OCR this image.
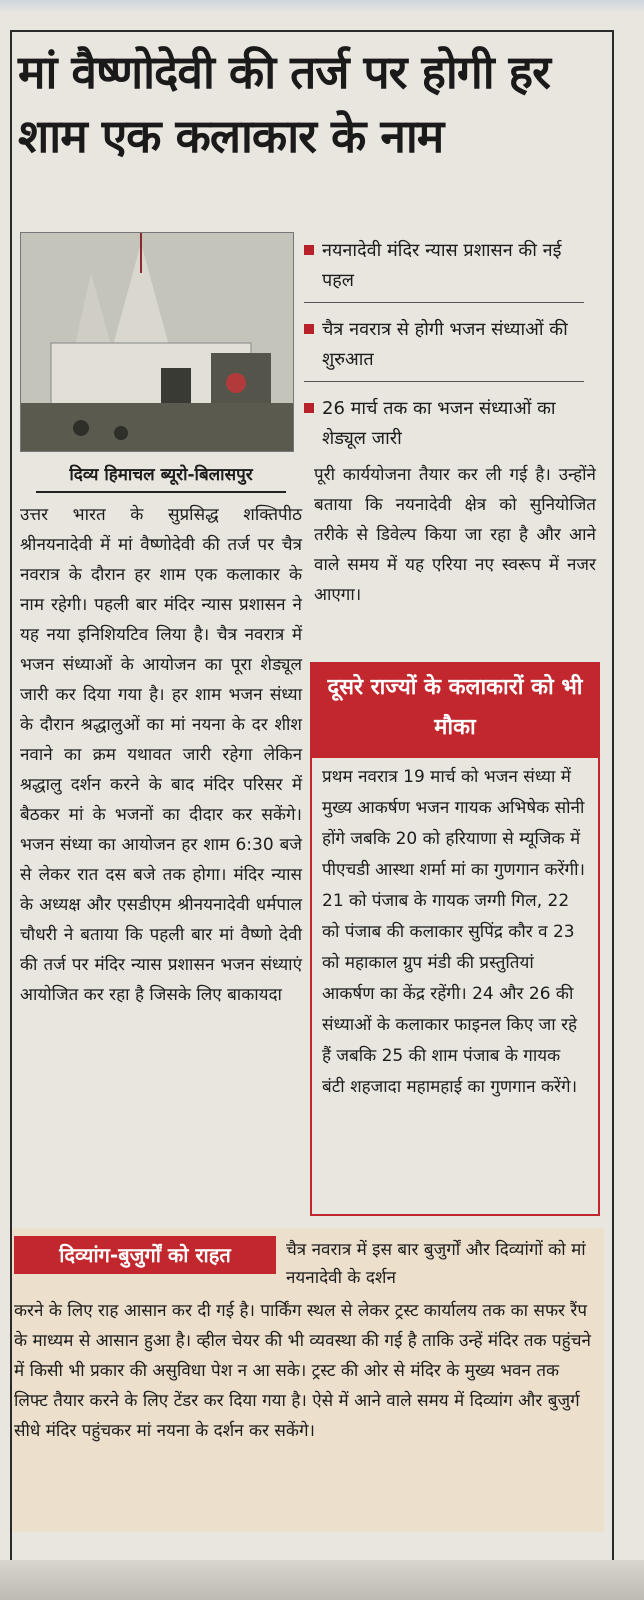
मां वैष्णोदेवी की तर्ज पर होगी हर शाम एक कलाकार के नाम
नयनादेवी मंदिर न्यास प्रशासन की नई पहल
चैत्र नवरात्र से होगी भजन संध्याओं की शुरुआत
26 मार्च तक का भजन संध्याओं का शेड्यूल जारी
दिव्य हिमाचल ब्यूरो-बिलासपुर
उत्तर भारत के सुप्रसिद्ध शक्तिपीठ श्रीनयनादेवी में मां वैष्णोदेवी की तर्ज पर चैत्र नवरात्र के दौरान हर शाम एक कलाकार के नाम रहेगी। पहली बार मंदिर न्यास प्रशासन ने यह नया इनिशियटिव लिया है। चैत्र नवरात्र में भजन संध्याओं के आयोजन का पूरा शेड्यूल जारी कर दिया गया है। हर शाम भजन संध्या के दौरान श्रद्धालुओं का मां नयना के दर शीश नवाने का क्रम यथावत जारी रहेगा लेकिन श्रद्धालु दर्शन करने के बाद मंदिर परिसर में बैठकर मां के भजनों का दीदार कर सकेंगे। भजन संध्या का आयोजन हर शाम 6:30 बजे से लेकर रात दस बजे तक होगा। मंदिर न्यास के अध्यक्ष और एसडीएम श्रीनयनादेवी धर्मपाल चौधरी ने बताया कि पहली बार मां वैष्णो देवी की तर्ज पर मंदिर न्यास प्रशासन भजन संध्याएं आयोजित कर रहा है जिसके लिए बाकायदा
पूरी कार्ययोजना तैयार कर ली गई है। उन्होंने बताया कि नयनादेवी क्षेत्र को सुनियोजित तरीके से डिवेल्प किया जा रहा है और आने वाले समय में यह एरिया नए स्वरूप में नजर आएगा।
दूसरे राज्यों के कलाकारों को भी मौका
प्रथम नवरात्र 19 मार्च को भजन संध्या में मुख्य आकर्षण भजन गायक अभिषेक सोनी होंगे जबकि 20 को हरियाणा से म्यूजिक में पीएचडी आस्था शर्मा मां का गुणगान करेंगी। 21 को पंजाब के गायक जग्गी गिल, 22 को पंजाब की कलाकार सुपिंद्र कौर व 23 को महाकाल ग्रुप मंडी की प्रस्तुतियां आकर्षण का केंद्र रहेंगी। 24 और 26 की संध्याओं के कलाकार फाइनल किए जा रहे हैं जबकि 25 की शाम पंजाब के गायक बंटी शहजादा महामहाई का गुणगान करेंगे।
दिव्यांग-बुजुर्गों को राहत	चैत्र नवरात्र में इस बार बुजुर्गों और दिव्यांगों को मां नयनादेवी के दर्शन
करने के लिए राह आसान कर दी गई है। पार्किंग स्थल से लेकर ट्रस्ट कार्यालय तक का सफर रैंप के माध्यम से आसान हुआ है। व्हील चेयर की भी व्यवस्था की गई है ताकि उन्हें मंदिर तक पहुंचने में किसी भी प्रकार की असुविधा पेश न आ सके। ट्रस्ट की ओर से मंदिर के मुख्य भवन तक लिफ्ट तैयार करने के लिए टेंडर कर दिया गया है। ऐसे में आने वाले समय में दिव्यांग और बुजुर्ग सीधे मंदिर पहुंचकर मां नयना के दर्शन कर सकेंगे।
